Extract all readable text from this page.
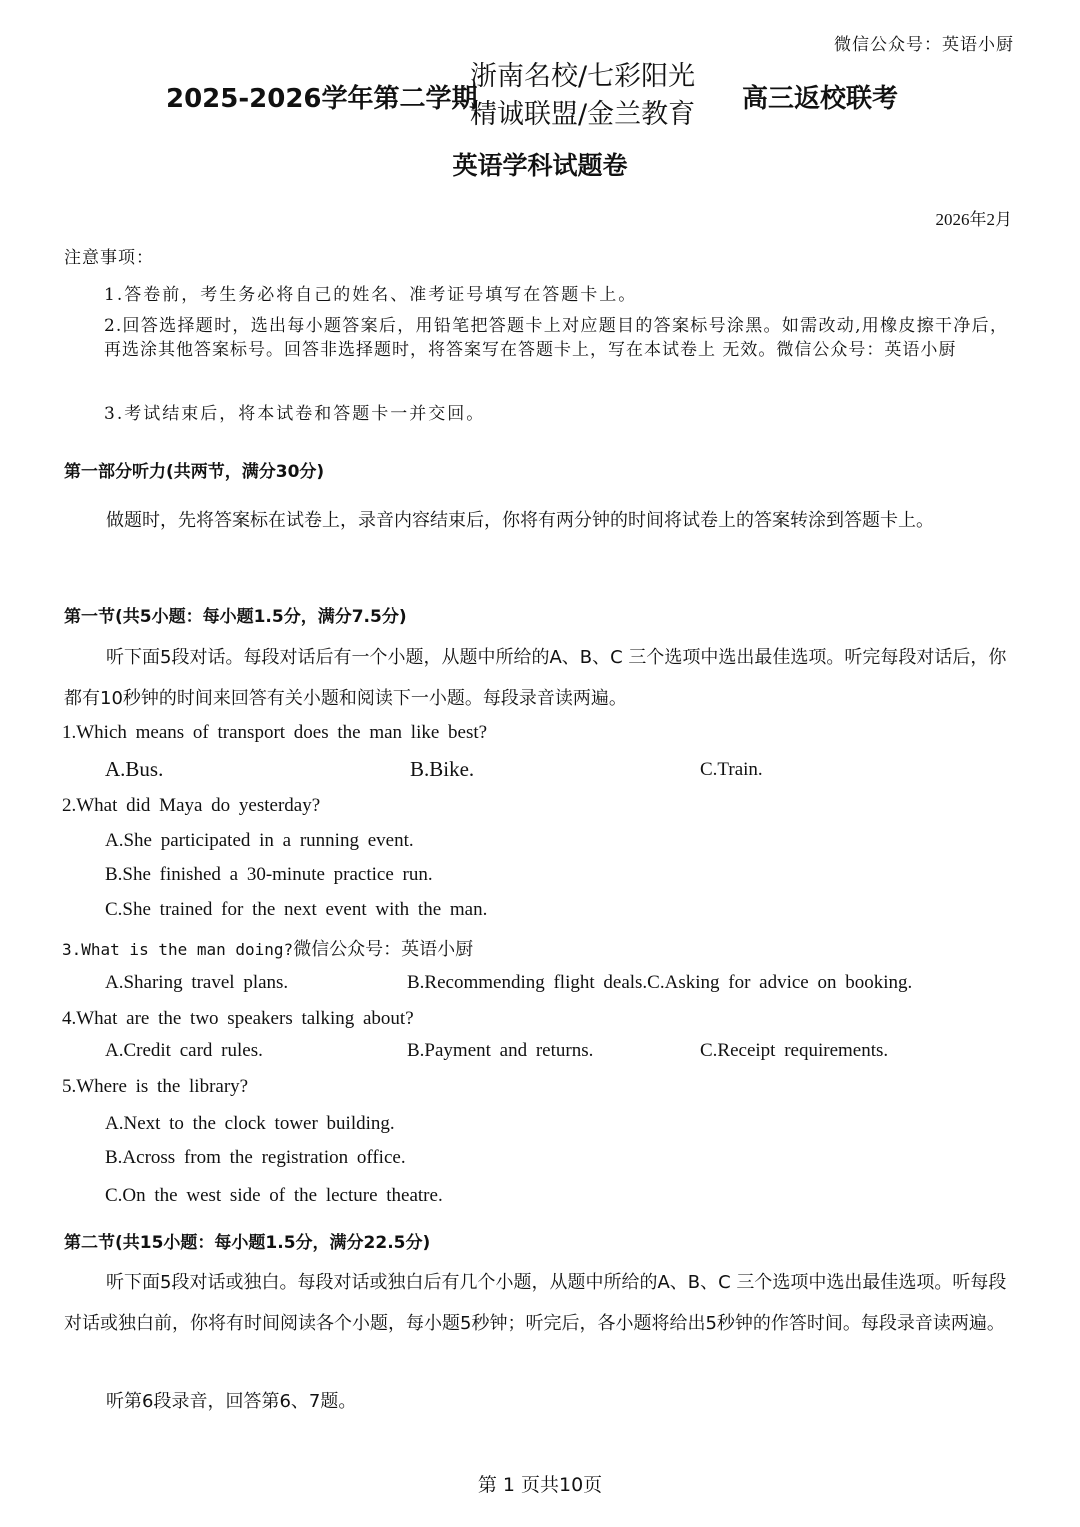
微信公众号：英语小厨
2025-2026学年第二学期
浙南名校/七彩阳光
精诚联盟/金兰教育 高三返校联考
英语学科试题卷
2026年2月
注意事项：
1.答卷前，考生务必将自己的姓名、准考证号填写在答题卡上。
2.回答选择题时，选出每小题答案后，用铅笔把答题卡上对应题目的答案标号涂黑。如需改动,用橡皮擦干净后，再选涂其他答案标号。回答非选择题时，将答案写在答题卡上，写在本试卷上 无效。微信公众号：英语小厨
3.考试结束后，将本试卷和答题卡一并交回。
第一部分听力(共两节，满分30分)
做题时，先将答案标在试卷上，录音内容结束后，你将有两分钟的时间将试卷上的答案转涂到答题卡上。
第一节(共5小题：每小题1.5分，满分7.5分)
听下面5段对话。每段对话后有一个小题，从题中所给的A、B、C 三个选项中选出最佳选项。听完每段对话后，你都有10秒钟的时间来回答有关小题和阅读下一小题。每段录音读两遍。
1.Which means of transport does the man like best?
A.Bus.	B.Bike.	C.Train.
2.What did Maya do yesterday?
A.She participated in a running event.
B.She finished a 30-minute practice run.
C.She trained for the next event with the man.
3.What is the man doing?微信公众号：英语小厨
A.Sharing travel plans.	B.Recommending flight deals.C.Asking for advice on booking.
4.What are the two speakers talking about?
A.Credit card rules.	B.Payment and returns.	C.Receipt requirements.
5.Where is the library?
A.Next to the clock tower building.
B.Across from the registration office.
C.On the west side of the lecture theatre.
第二节(共15小题：每小题1.5分，满分22.5分)
听下面5段对话或独白。每段对话或独白后有几个小题，从题中所给的A、B、C 三个选项中选出最佳选项。听每段对话或独白前，你将有时间阅读各个小题，每小题5秒钟；听完后，各小题将给出5秒钟的作答时间。每段录音读两遍。
听第6段录音，回答第6、7题。
第 1 页共10页
